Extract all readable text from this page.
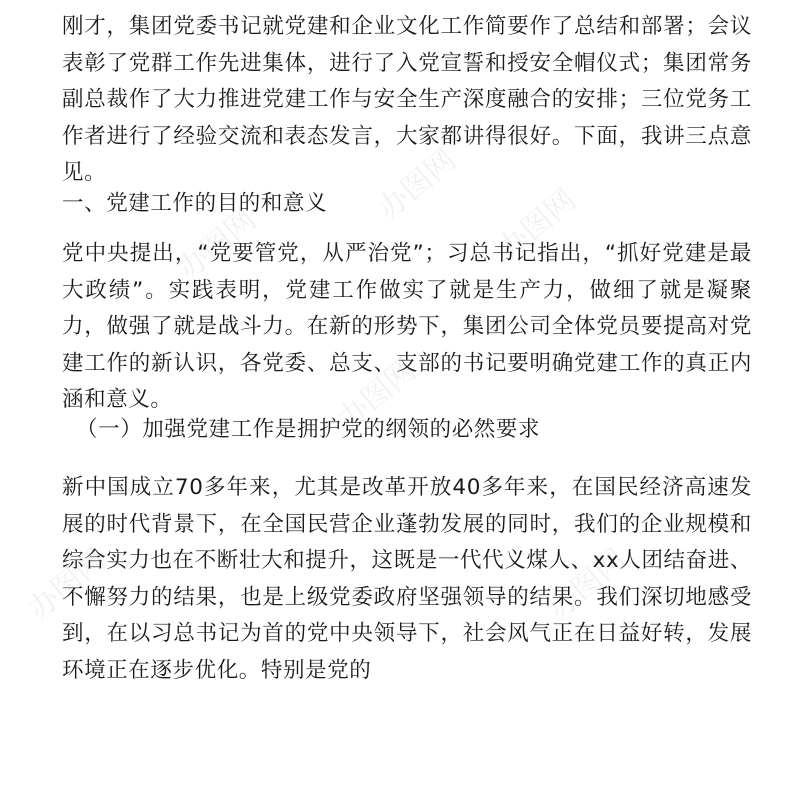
刚才，集团党委书记就党建和企业文化工作简要作了总结和部署；会议表彰了党群工作先进集体，进行了入党宣誓和授安全帽仪式；集团常务副总裁作了大力推进党建工作与安全生产深度融合的安排；三位党务工作者进行了经验交流和表态发言，大家都讲得很好。下面，我讲三点意见。

一、党建工作的目的和意义

党中央提出，“党要管党，从严治党”；习总书记指出，“抓好党建是最大政绩”。实践表明，党建工作做实了就是生产力，做细了就是凝聚力，做强了就是战斗力。在新的形势下，集团公司全体党员要提高对党建工作的新认识，各党委、总支、支部的书记要明确党建工作的真正内涵和意义。

（一）加强党建工作是拥护党的纲领的必然要求

新中国成立70多年来，尤其是改革开放40多年来，在国民经济高速发展的时代背景下，在全国民营企业蓬勃发展的同时，我们的企业规模和综合实力也在不断壮大和提升，这既是一代代义煤人、xx人团结奋进、不懈努力的结果，也是上级党委政府坚强领导的结果。我们深切地感受到，在以习总书记为首的党中央领导下，社会风气正在日益好转，发展环境正在逐步优化。特别是党的

办图网	办图网
办图网
办图网
办图网
办图网
